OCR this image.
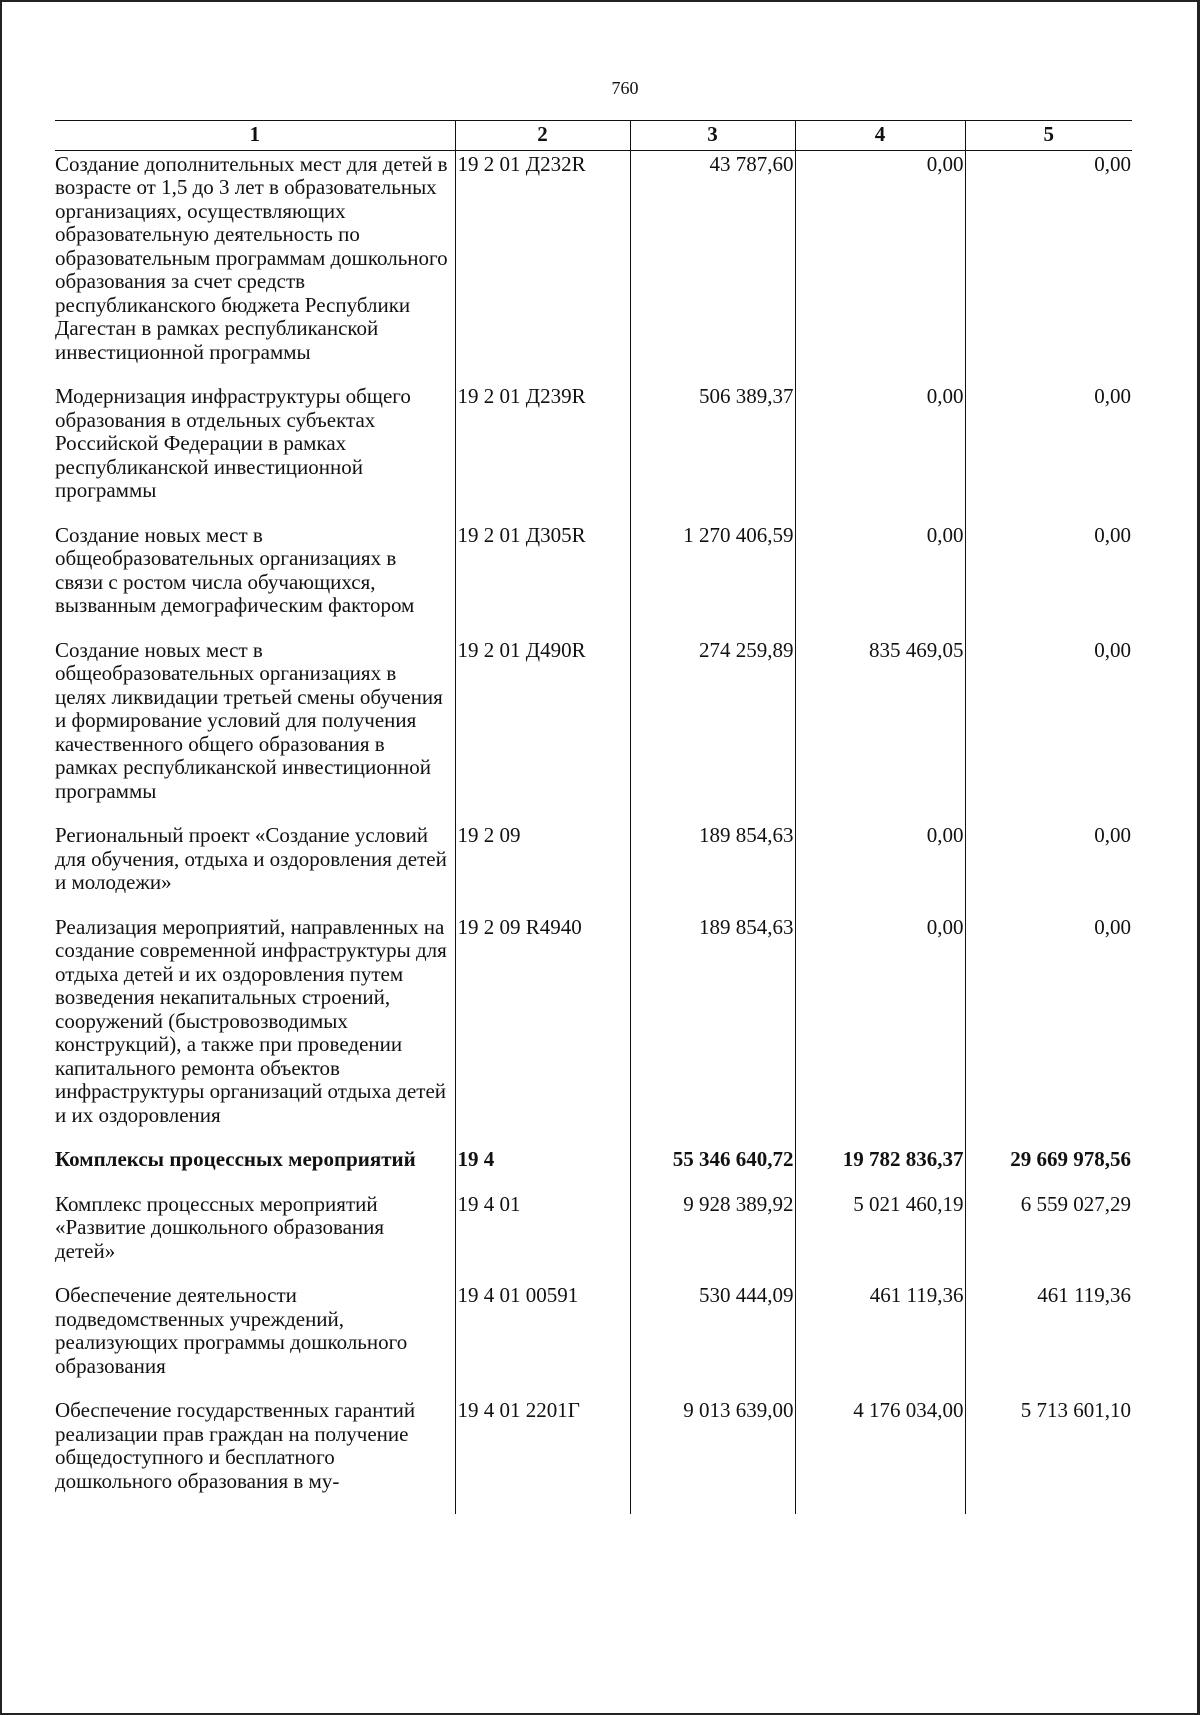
760
1	2	3	4	5
Создание дополнительных мест для детей в возрасте от 1,5 до 3 лет в образовательных организациях, осуществляющих образовательную деятельность по образовательным программам дошкольного образования за счет средств республиканского бюджета Республики Дагестан в рамках республиканской инвестиционной программы	19 2 01 Д232R	43 787,60	0,00	0,00
Модернизация инфраструктуры общего образования в отдельных субъектах Российской Федерации в рамках республиканской инвестиционной программы	19 2 01 Д239R	506 389,37	0,00	0,00
Создание новых мест в общеобразовательных организациях в связи с ростом числа обучающихся, вызванным демографическим фактором	19 2 01 Д305R	1 270 406,59	0,00	0,00
Создание новых мест в общеобразовательных организациях в целях ликвидации третьей смены обучения и формирование условий для получения качественного общего образования в рамках республиканской инвестиционной программы	19 2 01 Д490R	274 259,89	835 469,05	0,00
Региональный проект «Создание условий для обучения, отдыха и оздоровления детей и молодежи»	19 2 09	189 854,63	0,00	0,00
Реализация мероприятий, направленных на создание современной инфраструктуры для отдыха детей и их оздоровления путем возведения некапитальных строений, сооружений (быстровозводимых конструкций), а также при проведении капитального ремонта объектов инфраструктуры организаций отдыха детей и их оздоровления	19 2 09 R4940	189 854,63	0,00	0,00
Комплексы процессных мероприятий	19 4	55 346 640,72	19 782 836,37	29 669 978,56
Комплекс процессных мероприятий «Развитие дошкольного образования детей»	19 4 01	9 928 389,92	5 021 460,19	6 559 027,29
Обеспечение деятельности подведомственных учреждений, реализующих программы дошкольного образования	19 4 01 00591	530 444,09	461 119,36	461 119,36
Обеспечение государственных гарантий реализации прав граждан на получение общедоступного и бесплатного дошкольного образования в му-	19 4 01 2201Г	9 013 639,00	4 176 034,00	5 713 601,10
